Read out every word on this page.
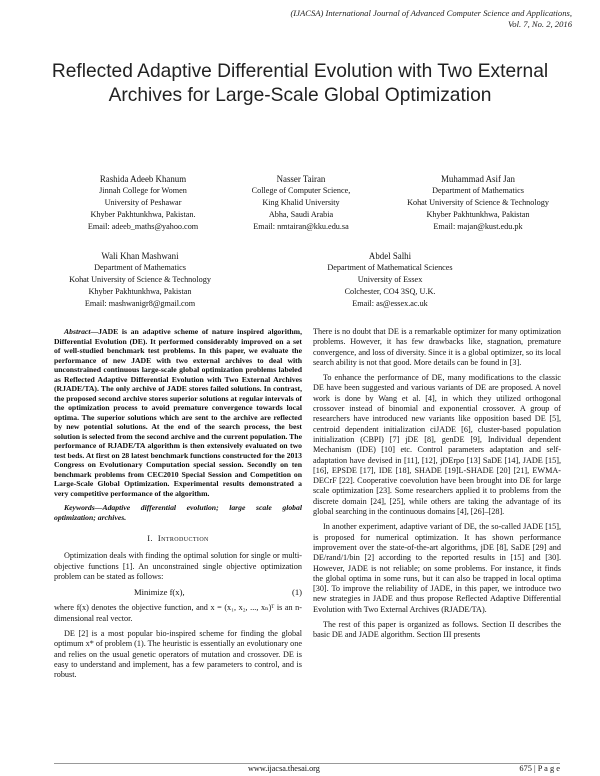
(IJACSA) International Journal of Advanced Computer Science and Applications,
Vol. 7, No. 2, 2016
Reflected Adaptive Differential Evolution with Two External Archives for Large-Scale Global Optimization
Rashida Adeeb Khanum
Jinnah College for Women
University of Peshawar
Khyber Pakhtunkhwa, Pakistan.
Email: adeeb_maths@yahoo.com
Nasser Tairan
College of Computer Science,
King Khalid University
Abha, Saudi Arabia
Email: nmtairan@kku.edu.sa
Muhammad Asif Jan
Department of Mathematics
Kohat University of Science & Technology
Khyber Pakhtunkhwa, Pakistan
Email: majan@kust.edu.pk
Wali Khan Mashwani
Department of Mathematics
Kohat University of Science & Technology
Khyber Pakhtunkhwa, Pakistan
Email: mashwanigr8@gmail.com
Abdel Salhi
Department of Mathematical Sciences
University of Essex
Colchester, CO4 3SQ, U.K.
Email: as@essex.ac.uk

Abstract—JADE is an adaptive scheme of nature inspired algorithm, Differential Evolution (DE). It performed considerably improved on a set of well-studied benchmark test problems. In this paper, we evaluate the performance of new JADE with two external archives to deal with unconstrained continuous large-scale global optimization problems labeled as Reflected Adaptive Differential Evolution with Two External Archives (RJADE/TA). The only archive of JADE stores failed solutions. In contrast, the proposed second archive stores superior solutions at regular intervals of the optimization process to avoid premature convergence towards local optima. The superior solutions which are sent to the archive are reflected by new potential solutions. At the end of the search process, the best solution is selected from the second archive and the current population. The performance of RJADE/TA algorithm is then extensively evaluated on two test beds. At first on 28 latest benchmark functions constructed for the 2013 Congress on Evolutionary Computation special session. Secondly on ten benchmark problems from CEC2010 Special Session and Competition on Large-Scale Global Optimization. Experimental results demonstrated a very competitive performance of the algorithm.

Keywords—Adaptive differential evolution; large scale global optimization; archives.

I. Introduction

Optimization deals with finding the optimal solution for single or multi-objective functions [1]. An unconstrained single objective optimization problem can be stated as follows:

Minimize f(x),	(1)

where f(x) denotes the objective function, and x = (x₁, x₂, ..., xₙ)ᵀ is an n-dimensional real vector.

DE [2] is a most popular bio-inspired scheme for finding the global optimum x* of problem (1). The heuristic is essentially an evolutionary one and relies on the usual genetic operators of mutation and crossover. DE is easy to understand and implement, has a few parameters to control, and is robust.

There is no doubt that DE is a remarkable optimizer for many optimization problems. However, it has few drawbacks like, stagnation, premature convergence, and loss of diversity. Since it is a global optimizer, so its local search ability is not that good. More details can be found in [3].

To enhance the performance of DE, many modifications to the classic DE have been suggested and various variants of DE are proposed. A novel work is done by Wang et al. [4], in which they utilized orthogonal crossover instead of binomial and exponential crossover. A group of researchers have introduced new variants like opposition based DE [5], centroid dependent initialization ciJADE [6], cluster-based population initialization (CBPI) [7] jDE [8], genDE [9], Individual dependent Mechanism (IDE) [10] etc. Control parameters adaptation and self-adaptation have devised in [11], [12], jDErpo [13] SaDE [14], JADE [15], [16], EPSDE [17], IDE [18], SHADE [19]L-SHADE [20] [21], EWMA-DECrF [22]. Cooperative coevolution have been brought into DE for large scale optimization [23]. Some researchers applied it to problems from the discrete domain [24], [25], while others are taking the advantage of its global searching in the continuous domains [4], [26]–[28].

In another experiment, adaptive variant of DE, the so-called JADE [15], is proposed for numerical optimization. It has shown performance improvement over the state-of-the-art algorithms, jDE [8], SaDE [29] and DE/rand/1/bin [2] according to the reported results in [15] and [30]. However, JADE is not reliable; on some problems. For instance, it finds the global optima in some runs, but it can also be trapped in local optima [30]. To improve the reliability of JADE, in this paper, we introduce two new strategies in JADE and thus propose Reflected Adaptive Differential Evolution with Two External Archives (RJADE/TA).

The rest of this paper is organized as follows. Section II describes the basic DE and JADE algorithm. Section III presents

www.ijacsa.thesai.org	675 | P a g e
